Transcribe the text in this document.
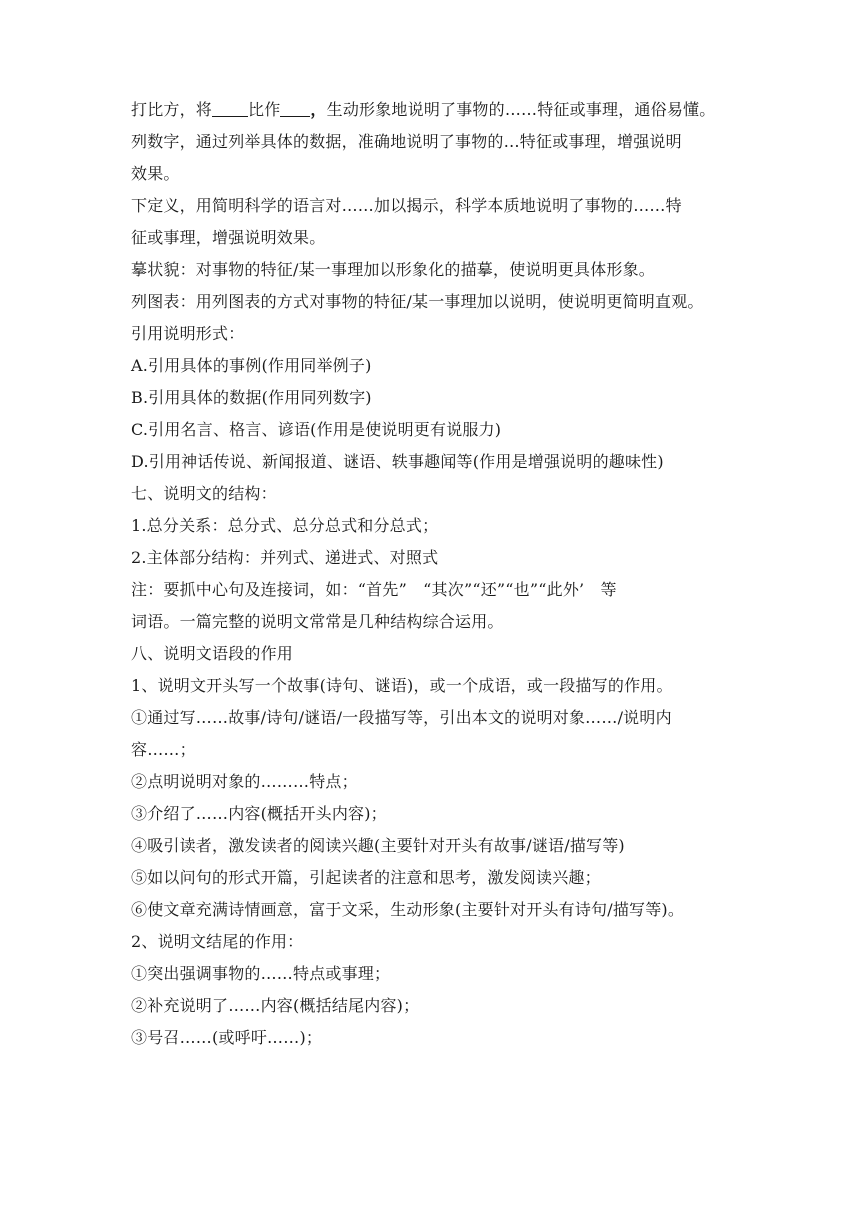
打比方，将 比作 ，生动形象地说明了事物的……特征或事理，通俗易懂。
列数字，通过列举具体的数据，准确地说明了事物的…特征或事理，增强说明
效果。
下定义，用简明科学的语言对……加以揭示，科学本质地说明了事物的……特
征或事理，增强说明效果。
摹状貌：对事物的特征/某一事理加以形象化的描摹，使说明更具体形象。
列图表：用列图表的方式对事物的特征/某一事理加以说明，使说明更简明直观。
引用说明形式：
A.引用具体的事例(作用同举例子)
B.引用具体的数据(作用同列数字)
C.引用名言、格言、谚语(作用是使说明更有说服力)
D.引用神话传说、新闻报道、谜语、轶事趣闻等(作用是增强说明的趣味性)
七、说明文的结构：
1.总分关系：总分式、总分总式和分总式；
2.主体部分结构：并列式、递进式、对照式
注：要抓中心句及连接词，如：“首先”　“其次”“还”“也”“此外’　等
词语。一篇完整的说明文常常是几种结构综合运用。
八、说明文语段的作用
1、说明文开头写一个故事(诗句、谜语)，或一个成语，或一段描写的作用。
①通过写……故事/诗句/谜语/一段描写等，引出本文的说明对象……/说明内
容……；
②点明说明对象的………特点；
③介绍了……内容(概括开头内容)；
④吸引读者，激发读者的阅读兴趣(主要针对开头有故事/谜语/描写等)
⑤如以问句的形式开篇，引起读者的注意和思考，激发阅读兴趣；
⑥使文章充满诗情画意，富于文采，生动形象(主要针对开头有诗句/描写等)。
2、说明文结尾的作用：
①突出强调事物的……特点或事理；
②补充说明了……内容(概括结尾内容)；
③号召……(或呼吁……)；
